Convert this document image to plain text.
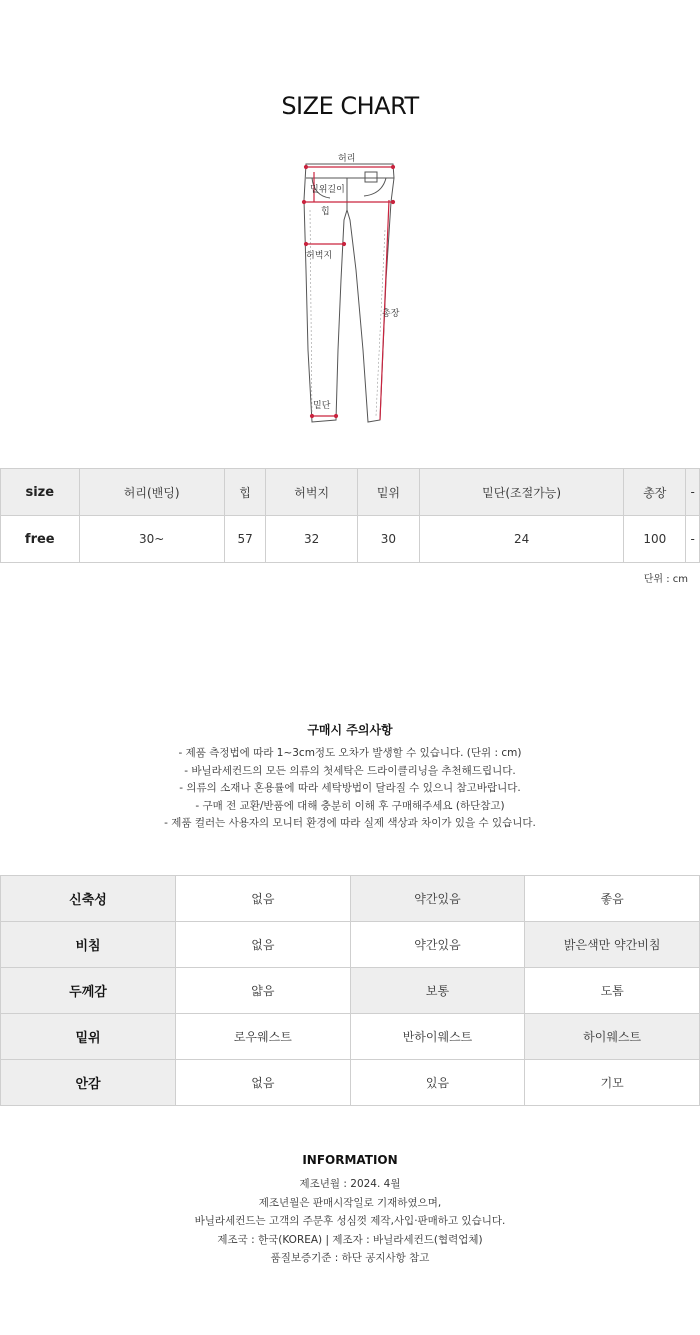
SIZE CHART
허리
밑위길이
힙
허벅지
총장
밑단
size	허리(밴딩)	힙	허벅지	밑위	밑단(조절가능)	총장	-
free	30~	57	32	30	24	100	-
단위 : cm
구매시 주의사항
- 제품 측정법에 따라 1~3cm정도 오차가 발생할 수 있습니다. (단위 : cm)
- 바닐라세컨드의 모든 의류의 첫세탁은 드라이클리닝을 추천해드립니다.
- 의류의 소재나 혼용률에 따라 세탁방법이 달라질 수 있으니 참고바랍니다.
- 구매 전 교환/반품에 대해 충분히 이해 후 구매해주세요 (하단참고)
- 제품 컬러는 사용자의 모니터 환경에 따라 실제 색상과 차이가 있을 수 있습니다.
신축성	없음	약간있음	좋음
비침	없음	약간있음	밝은색만 약간비침
두께감	얇음	보통	도톰
밑위	로우웨스트	반하이웨스트	하이웨스트
안감	없음	있음	기모
INFORMATION
제조년월 : 2024. 4월
제조년월은 판매시작일로 기재하였으며,
바닐라세컨드는 고객의 주문후 성심껏 제작,사입·판매하고 있습니다.
제조국 : 한국(KOREA) | 제조자 : 바닐라세컨드(협력업체)
품질보증기준 : 하단 공지사항 참고
